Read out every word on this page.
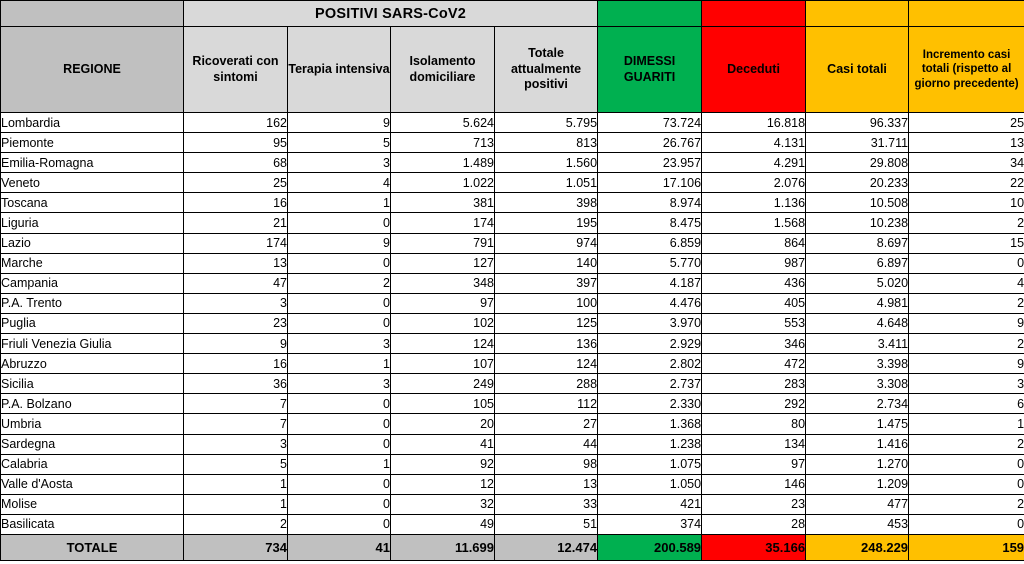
	POSITIVI SARS-CoV2							
REGIONE	Ricoverati con sintomi	Terapia intensiva	Isolamento domiciliare	Totale attualmente positivi	DIMESSI GUARITI	Deceduti	Casi totali	Incremento casi totali (rispetto al giorno precedente)
Lombardia	162	9	5.624	5.795	73.724	16.818	96.337	25
Piemonte	95	5	713	813	26.767	4.131	31.711	13
Emilia-Romagna	68	3	1.489	1.560	23.957	4.291	29.808	34
Veneto	25	4	1.022	1.051	17.106	2.076	20.233	22
Toscana	16	1	381	398	8.974	1.136	10.508	10
Liguria	21	0	174	195	8.475	1.568	10.238	2
Lazio	174	9	791	974	6.859	864	8.697	15
Marche	13	0	127	140	5.770	987	6.897	0
Campania	47	2	348	397	4.187	436	5.020	4
P.A. Trento	3	0	97	100	4.476	405	4.981	2
Puglia	23	0	102	125	3.970	553	4.648	9
Friuli Venezia Giulia	9	3	124	136	2.929	346	3.411	2
Abruzzo	16	1	107	124	2.802	472	3.398	9
Sicilia	36	3	249	288	2.737	283	3.308	3
P.A. Bolzano	7	0	105	112	2.330	292	2.734	6
Umbria	7	0	20	27	1.368	80	1.475	1
Sardegna	3	0	41	44	1.238	134	1.416	2
Calabria	5	1	92	98	1.075	97	1.270	0
Valle d'Aosta	1	0	12	13	1.050	146	1.209	0
Molise	1	0	32	33	421	23	477	2
Basilicata	2	0	49	51	374	28	453	0
TOTALE	734	41	11.699	12.474	200.589	35.166	248.229	159
